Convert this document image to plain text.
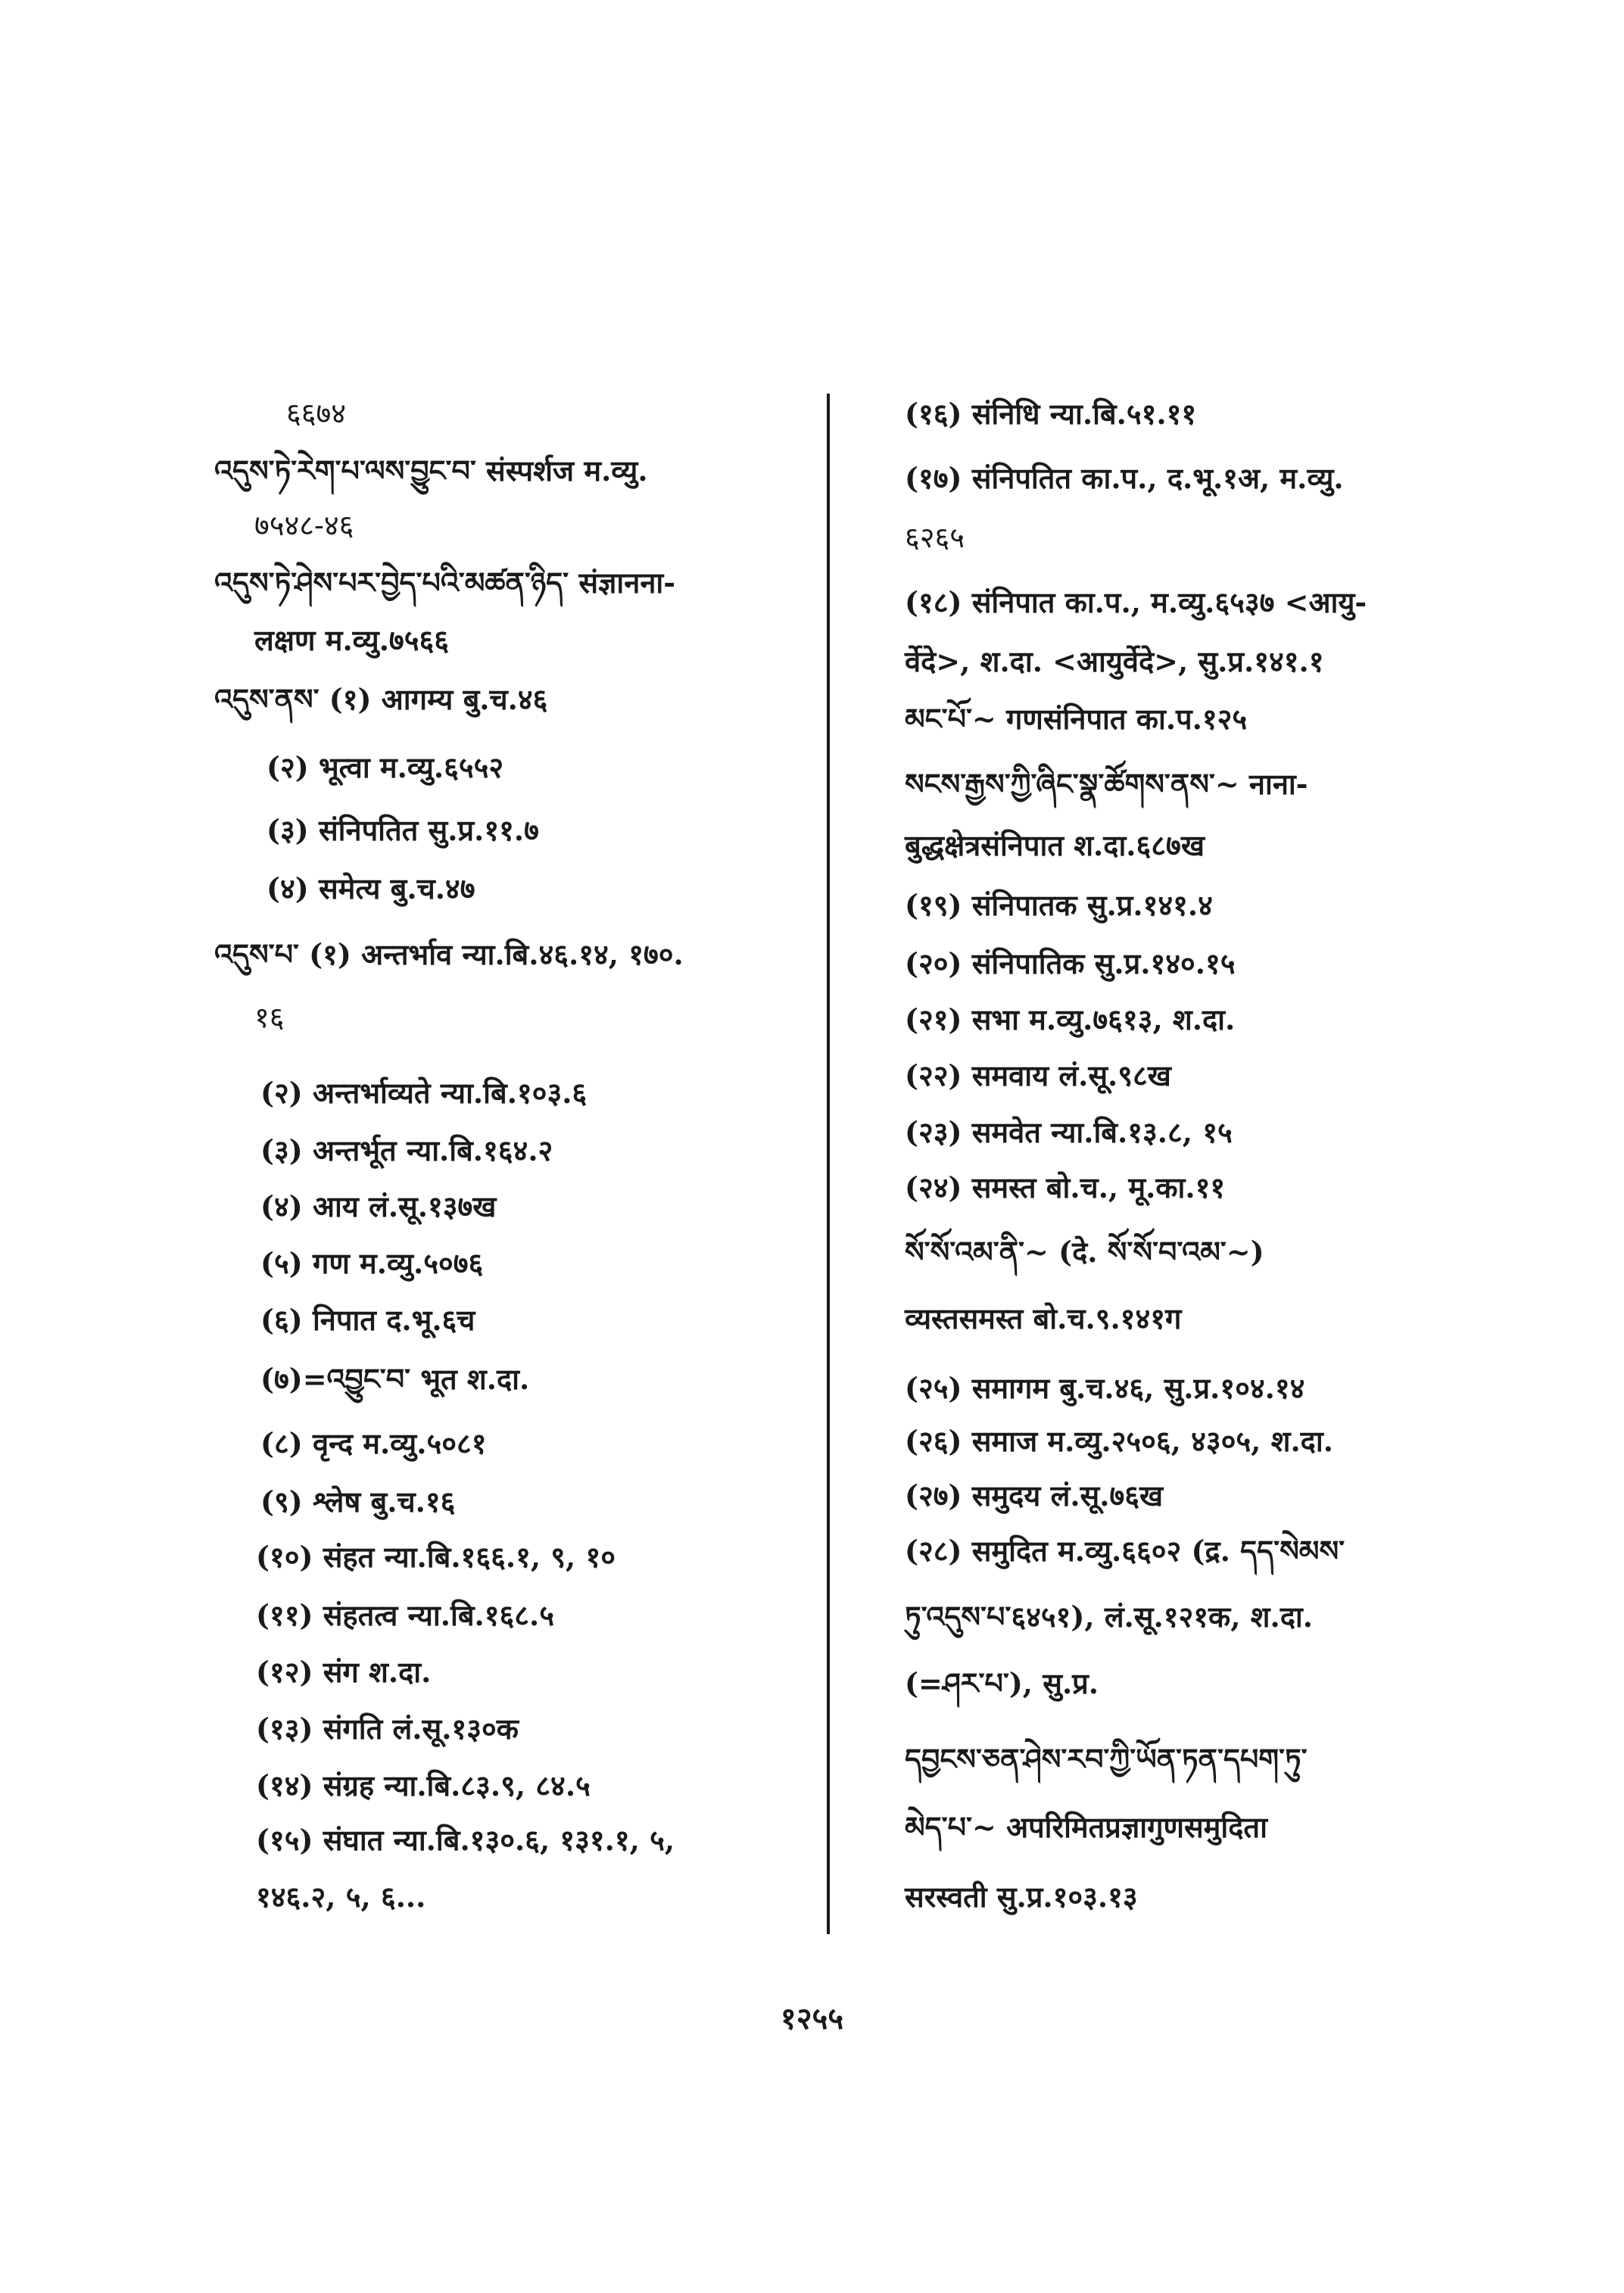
६६७४
འདུས་ཏེ་རེག་པ་ལས་བྱུང་བ་ संस्पर्शज म.व्यु.
७५४८-४६
འདུས་ཏེ་ཤེས་པར་བྱེད་པའི་མཚན་ཉིད་ संज्ञानना-
लक्षण म.व्यु.७५६६
འདུས་ནས་ (१) आगम्य बु.च.४६
(२) भूत्वा म.व्यु.६५५२
(३) संनिपतित सु.प्र.११.७
(४) समेत्य बु.च.४७
འདུས་པ་ (१) अन्तर्भाव न्या.बि.४६.१४, १७०.
१६
(२) अन्तर्भाव्यते न्या.बि.१०३.६
(३) अन्तर्भूत न्या.बि.१६४.२
(४) आय लं.सू.१३७ख
(५) गण म.व्यु.५०७६
(६) निपात द.भू.६च
(७)=འབྱུང་བ་ भूत श.दा.
(८) वृन्द म.व्यु.५०८१
(९) श्लेष बु.च.१६
(१०) संहत न्या.बि.१६६.१, ९, १०
(११) संहतत्व न्या.बि.१६८.५
(१२) संग श.दा.
(१३) संगति लं.सू.१३०क
(१४) संग्रह न्या.बि.८३.९, ८४.५
(१५) संघात न्या.बि.१३०.६, १३१.१, ५,
१४६.२, ५, ६...
(१६) संनिधि न्या.बि.५१.११
(१७) संनिपतित का.प., द.भू.१अ, म.व्यु.
६२६५
(१८) संनिपात का.प., म.व्यु.६५३७ <आयु-
र्वेदे>, श.दा. <आयुर्वेदे>, सु.प्र.१४१.१
མང་པོ་~ गणसंनिपात का.प.१२५
སངས་རྒྱས་ཀྱི་ཞིང་སྣ་ཚོགས་ནས་~ नाना-
बुद्धक्षेत्रसंनिपात श.दा.६८७ख
(१९) संनिपातक सु.प्र.१४१.४
(२०) संनिपातिक सु.प्र.१४०.१५
(२१) सभा म.व्यु.७६१३, श.दा.
(२२) समवाय लं.सू.९८ख
(२३) समवेत न्या.बि.१३.८, १५
(२४) समस्त बो.च., मू.का.११
སོ་སོ་འམ་ནི་~ (दे. སོ་སོ་བ་འམ་~)
व्यस्तसमस्त बो.च.९.१४१ग
(२५) समागम बु.च.४६, सु.प्र.१०४.१४
(२६) समाज म.व्यु.२५०६, ४३०५, श.दा.
(२७) समुदय लं.सू.७६ख
(२८) समुदित म.व्यु.६६०२ (द्र. དད་སེམས་
ཏུ་འདུས་པ་६४५१), लं.सू.१२१क, श.दा.
(=ཤར་པ་), सु.प्र.
དབྱངས་ཅན་ཤེས་རབ་ཀྱི་ཡོན་ཏན་དཔག་ཏུ་
མེད་པ་~ अपरिमितप्रज्ञागुणसमुदिता
सरस्वती सु.प्र.१०३.१३
१२५५
